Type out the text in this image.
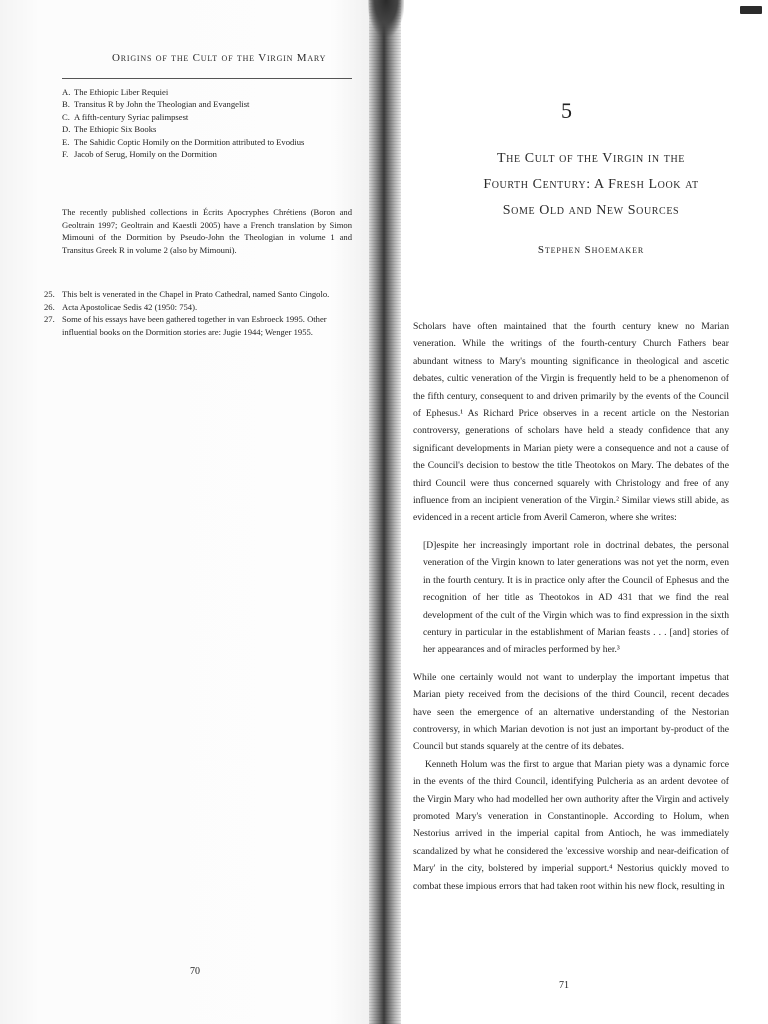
Origins of the Cult of the Virgin Mary
A. The Ethiopic Liber Requiei
B. Transitus R by John the Theologian and Evangelist
C. A fifth-century Syriac palimpsest
D. The Ethiopic Six Books
E. The Sahidic Coptic Homily on the Dormition attributed to Evodius
F. Jacob of Serug, Homily on the Dormition

The recently published collections in Écrits Apocryphes Chrétiens (Boron and Geoltrain 1997; Geoltrain and Kaestli 2005) have a French translation by Simon Mimouni of the Dormition by Pseudo-John the Theologian in volume 1 and Transitus Greek R in volume 2 (also by Mimouni).

25. This belt is venerated in the Chapel in Prato Cathedral, named Santo Cingolo.
26. Acta Apostolicae Sedis 42 (1950: 754).
27. Some of his essays have been gathered together in van Esbroeck 1995. Other influential books on the Dormition stories are: Jugie 1944; Wenger 1955.
70
5
The Cult of the Virgin in the
Fourth Century: A Fresh Look at
Some Old and New Sources
Stephen Shoemaker

Scholars have often maintained that the fourth century knew no Marian veneration. While the writings of the fourth-century Church Fathers bear abundant witness to Mary's mounting significance in theological and ascetic debates, cultic veneration of the Virgin is frequently held to be a phenomenon of the fifth century, consequent to and driven primarily by the events of the Council of Ephesus.¹ As Richard Price observes in a recent article on the Nestorian controversy, generations of scholars have held a steady confidence that any significant developments in Marian piety were a consequence and not a cause of the Council's decision to bestow the title Theotokos on Mary. The debates of the third Council were thus concerned squarely with Christology and free of any influence from an incipient veneration of the Virgin.² Similar views still abide, as evidenced in a recent article from Averil Cameron, where she writes:

[D]espite her increasingly important role in doctrinal debates, the personal veneration of the Virgin known to later generations was not yet the norm, even in the fourth century. It is in practice only after the Council of Ephesus and the recognition of her title as Theotokos in AD 431 that we find the real development of the cult of the Virgin which was to find expression in the sixth century in particular in the establishment of Marian feasts . . . [and] stories of her appearances and of miracles performed by her.³

While one certainly would not want to underplay the important impetus that Marian piety received from the decisions of the third Council, recent decades have seen the emergence of an alternative understanding of the Nestorian controversy, in which Marian devotion is not just an important by-product of the Council but stands squarely at the centre of its debates.

Kenneth Holum was the first to argue that Marian piety was a dynamic force in the events of the third Council, identifying Pulcheria as an ardent devotee of the Virgin Mary who had modelled her own authority after the Virgin and actively promoted Mary's veneration in Constantinople. According to Holum, when Nestorius arrived in the imperial capital from Antioch, he was immediately scandalized by what he considered the 'excessive worship and near-deification of Mary' in the city, bolstered by imperial support.⁴ Nestorius quickly moved to combat these impious errors that had taken root within his new flock, resulting in

71
